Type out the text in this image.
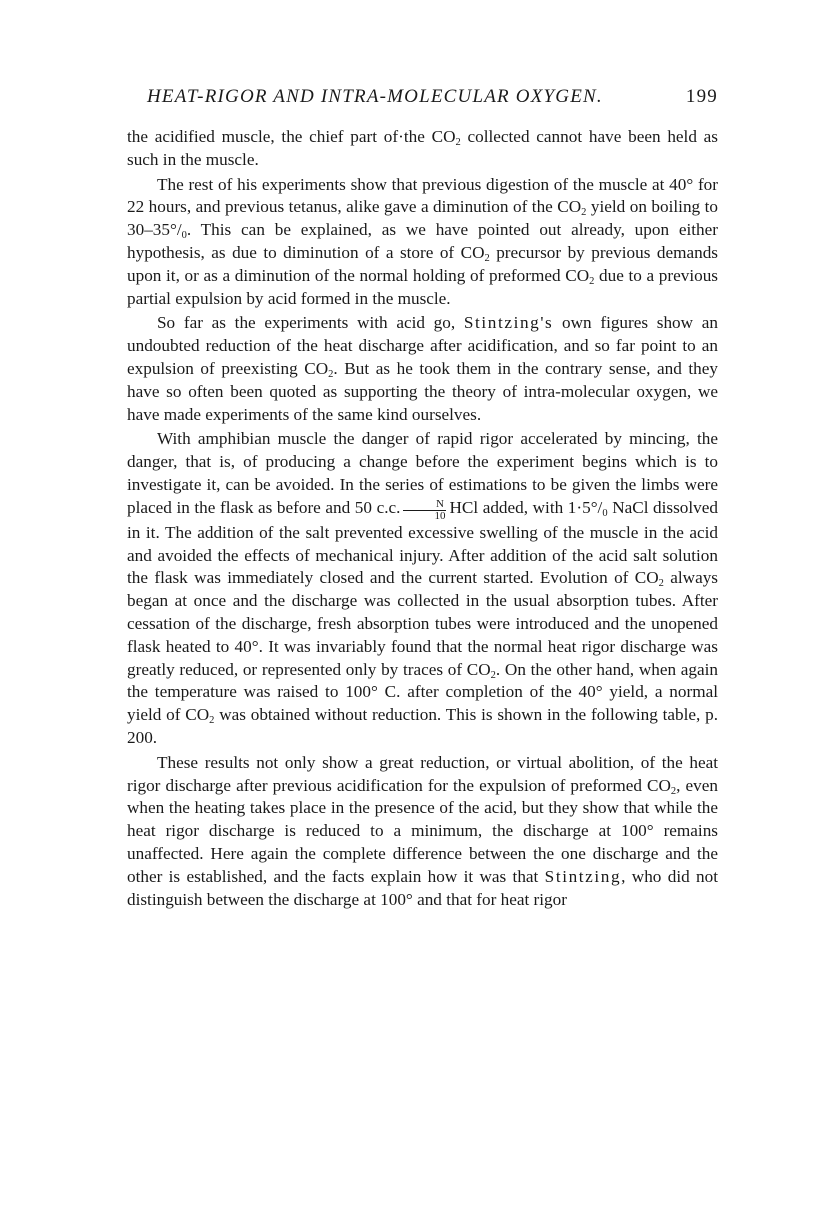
HEAT-RIGOR AND INTRA-MOLECULAR OXYGEN.	199

the acidified muscle, the chief part of·the $CO_2$ collected cannot have been held as such in the muscle.

The rest of his experiments show that previous digestion of the muscle at 40° for 22 hours, and previous tetanus, alike gave a diminution of the $CO_2$ yield on boiling to $30-35^\circ/_0$. This can be explained, as we have pointed out already, upon either hypothesis, as due to diminution of a store of $CO_2$ precursor by previous demands upon it, or as a diminution of the normal holding of preformed $CO_2$ due to a previous partial expulsion by acid formed in the muscle.

So far as the experiments with acid go, Stintzing's own figures show an undoubted reduction of the heat discharge after acidification, and so far point to an expulsion of preexisting $CO_2$. But as he took them in the contrary sense, and they have so often been quoted as supporting the theory of intra-molecular oxygen, we have made experiments of the same kind ourselves.

With amphibian muscle the danger of rapid rigor accelerated by mincing, the danger, that is, of producing a change before the experiment begins which is to investigate it, can be avoided. In the series of estimations to be given the limbs were placed in the flask as before and 50 c.c. $\frac{N}{10}$ HCl added, with $1\cdot 5^\circ/_0$ NaCl dissolved in it. The addition of the salt prevented excessive swelling of the muscle in the acid and avoided the effects of mechanical injury. After addition of the acid salt solution the flask was immediately closed and the current started. Evolution of $CO_2$ always began at once and the discharge was collected in the usual absorption tubes. After cessation of the discharge, fresh absorption tubes were introduced and the unopened flask heated to 40°. It was invariably found that the normal heat rigor discharge was greatly reduced, or represented only by traces of $CO_2$. On the other hand, when again the temperature was raised to 100° C. after completion of the 40° yield, a normal yield of $CO_2$ was obtained without reduction. This is shown in the following table, p. 200.

These results not only show a great reduction, or virtual abolition, of the heat rigor discharge after previous acidification for the expulsion of preformed $CO_2$, even when the heating takes place in the presence of the acid, but they show that while the heat rigor discharge is reduced to a minimum, the discharge at 100° remains unaffected. Here again the complete difference between the one discharge and the other is established, and the facts explain how it was that Stintzing, who did not distinguish between the discharge at 100° and that for heat rigor
